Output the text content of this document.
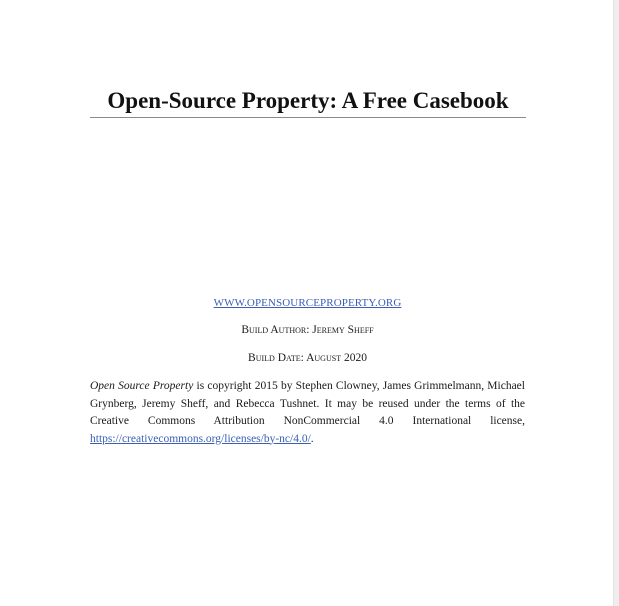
Open-Source Property: A Free Casebook
WWW.OPENSOURCEPROPERTY.ORG
Build Author: Jeremy Sheff
Build Date: August 2020

Open Source Property is copyright 2015 by Stephen Clowney, James Grimmelmann, Michael Grynberg, Jeremy Sheff, and Rebecca Tushnet. It may be reused under the terms of the Creative Commons Attribution NonCommercial 4.0 International license, https://creativecommons.org/licenses/by-nc/4.0/.
